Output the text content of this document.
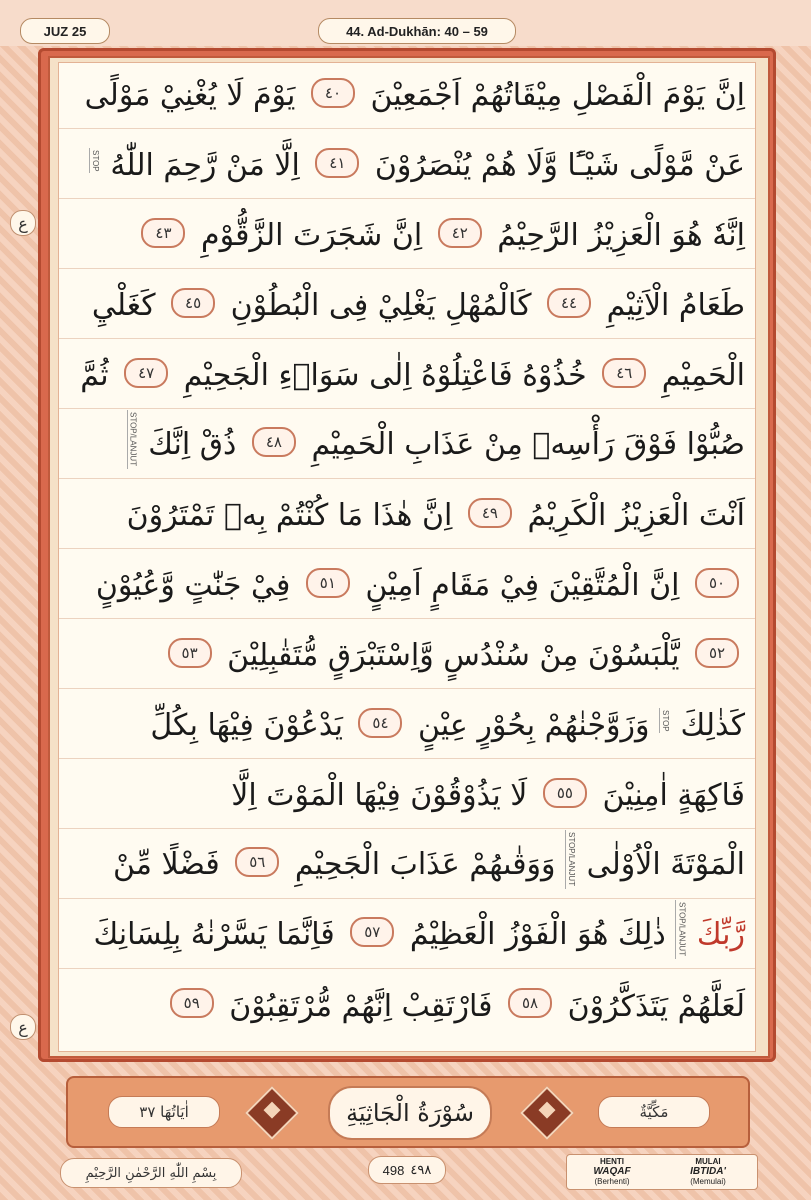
JUZ 25	44. Ad-Dukhān: 40 – 59
ع
ع
اِنَّ يَوْمَ الْفَصْلِ مِيْقَاتُهُمْ اَجْمَعِيْنَ ٤٠ يَوْمَ لَا يُغْنِيْ مَوْلًى
عَنْ مَّوْلًى شَيْـًٔا وَّلَا هُمْ يُنْصَرُوْنَ ٤١ اِلَّا مَنْ رَّحِمَ اللّٰهُ STOP
اِنَّهٗ هُوَ الْعَزِيْزُ الرَّحِيْمُ ٤٢ اِنَّ شَجَرَتَ الزَّقُّوْمِ ٤٣
طَعَامُ الْاَثِيْمِ ٤٤ كَالْمُهْلِ يَغْلِيْ فِى الْبُطُوْنِ ٤٥ كَغَلْيِ
الْحَمِيْمِ ٤٦ خُذُوْهُ فَاعْتِلُوْهُ اِلٰى سَوَاۤءِ الْجَحِيْمِ ٤٧ ثُمَّ
صُبُّوْا فَوْقَ رَأْسِهٖ مِنْ عَذَابِ الْحَمِيْمِ ٤٨ ذُقْ اِنَّكَ STOP/LANJUT
اَنْتَ الْعَزِيْزُ الْكَرِيْمُ ٤٩ اِنَّ هٰذَا مَا كُنْتُمْ بِهٖ تَمْتَرُوْنَ
٥٠ اِنَّ الْمُتَّقِيْنَ فِيْ مَقَامٍ اَمِيْنٍ ٥١ فِيْ جَنّٰتٍ وَّعُيُوْنٍ
٥٢ يَّلْبَسُوْنَ مِنْ سُنْدُسٍ وَّاِسْتَبْرَقٍ مُّتَقٰبِلِيْنَ ٥٣
كَذٰلِكَ STOP وَزَوَّجْنٰهُمْ بِحُوْرٍ عِيْنٍ ٥٤ يَدْعُوْنَ فِيْهَا بِكُلِّ
فَاكِهَةٍ اٰمِنِيْنَ ٥٥ لَا يَذُوْقُوْنَ فِيْهَا الْمَوْتَ اِلَّا
الْمَوْتَةَ الْاُوْلٰى STOP/LANJUT وَوَقٰىهُمْ عَذَابَ الْجَحِيْمِ ٥٦ فَضْلًا مِّنْ
رَّبِّكَ STOP/LANJUT ذٰلِكَ هُوَ الْفَوْزُ الْعَظِيْمُ ٥٧ فَاِنَّمَا يَسَّرْنٰهُ بِلِسَانِكَ
لَعَلَّهُمْ يَتَذَكَّرُوْنَ ٥٨ فَارْتَقِبْ اِنَّهُمْ مُّرْتَقِبُوْنَ ٥٩
اٰيَاتُهَا ٣٧	سُوْرَةُ الْجَاثِيَةِ	مَكِّيَّةٌ
بِسْمِ اللّٰهِ الرَّحْمٰنِ الرَّحِيْمِ	498 ٤٩٨
HENTI
WAQAF
(Berhenti)
MULAI
IBTIDA'
(Memulai)
